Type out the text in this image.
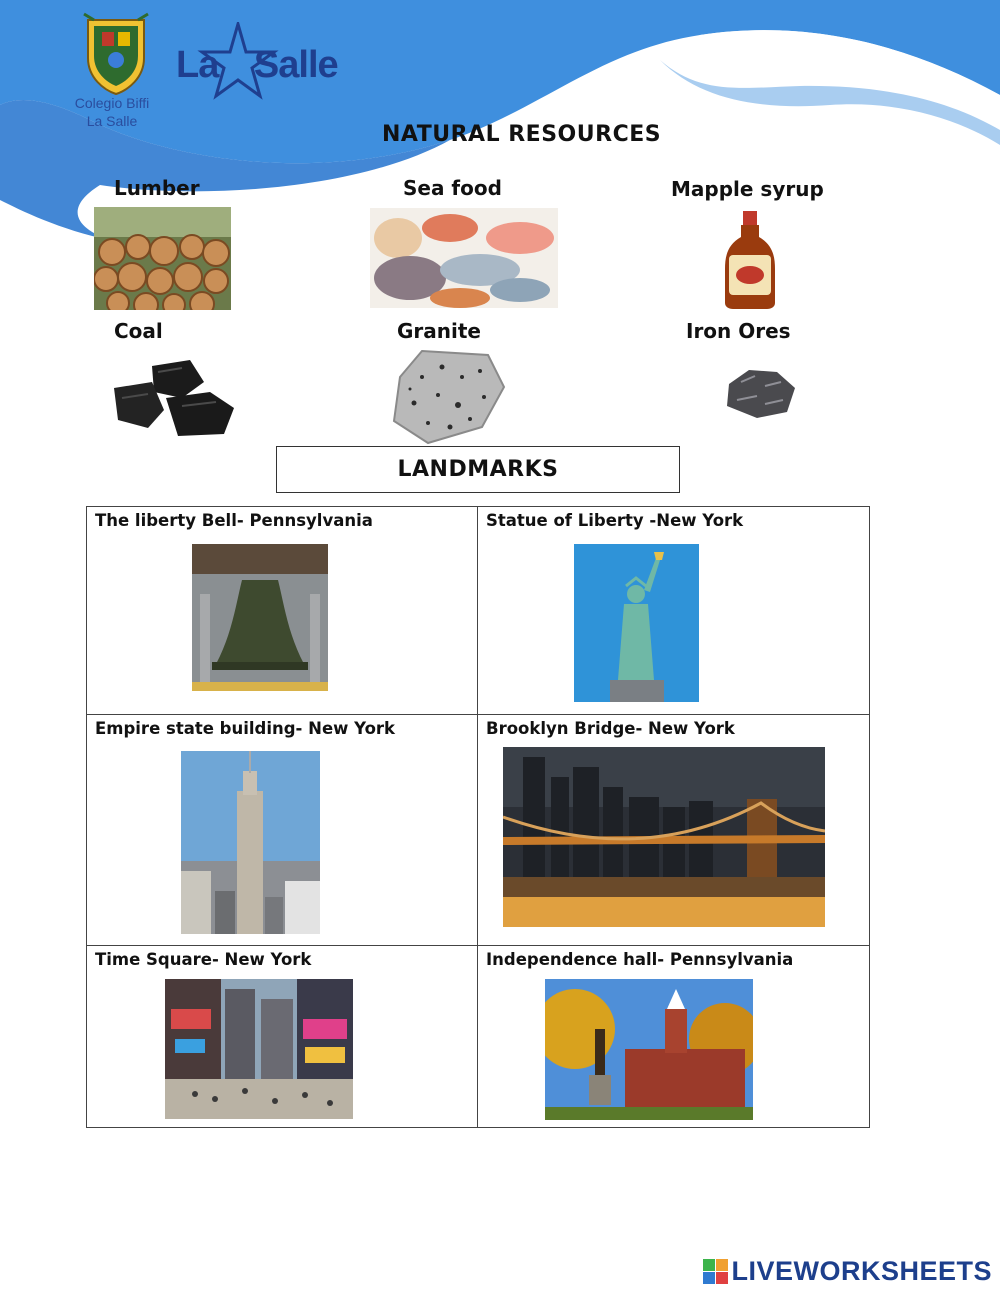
Colegio Biffi
La Salle
La Salle
NATURAL RESOURCES
Lumber	Sea food	Mapple syrup
Coal	Granite	Iron Ores
LANDMARKS
The liberty Bell- Pennsylvania	Statue of Liberty -New York

Empire state building- New York	Brooklyn Bridge- New York

Time Square- New York	Independence hall- Pennsylvania
LIVEWORKSHEETS
